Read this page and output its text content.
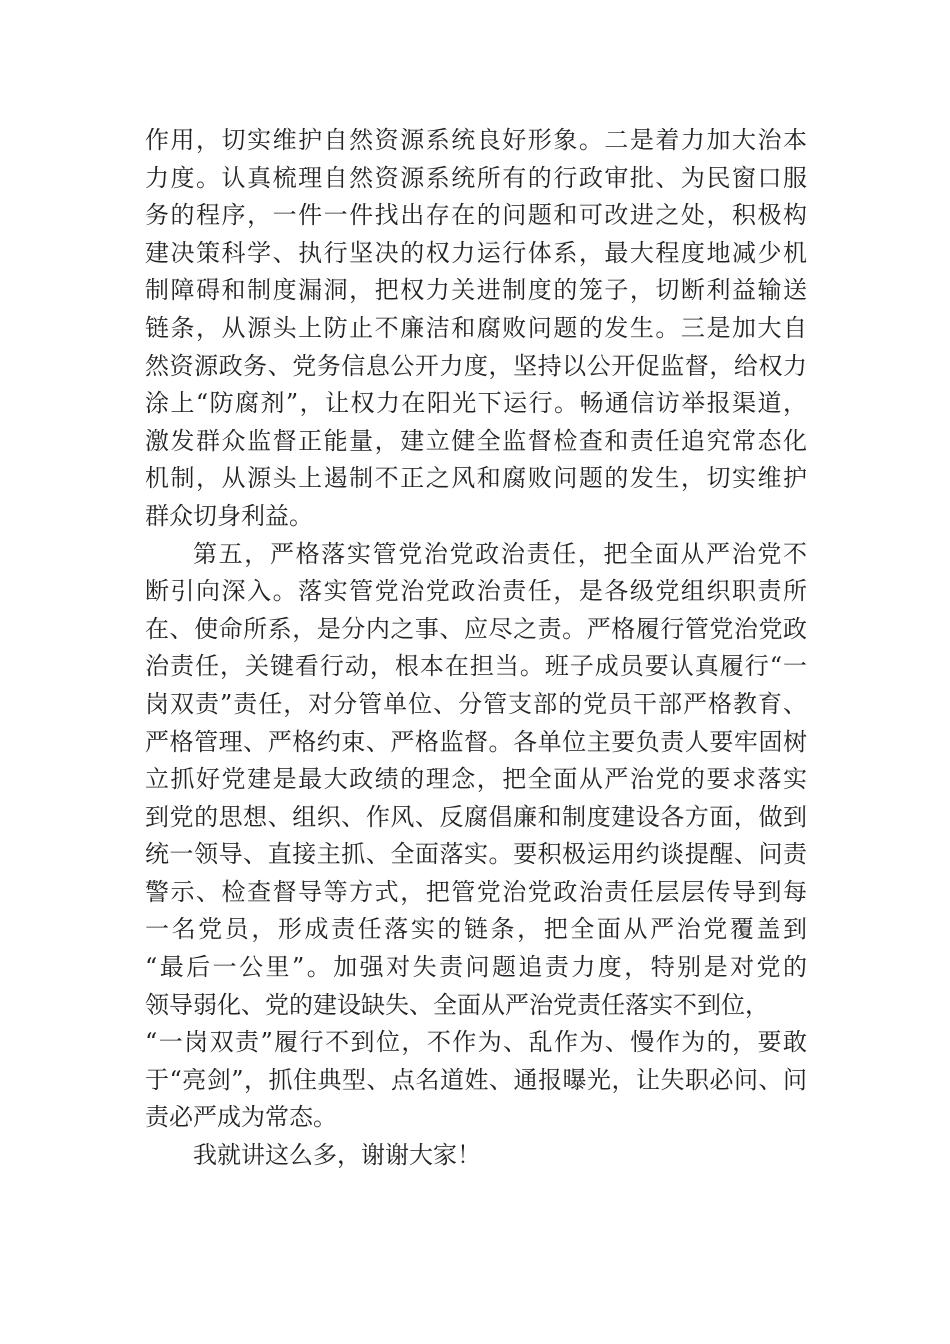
作用，切实维护自然资源系统良好形象。二是着力加大治本
力度。认真梳理自然资源系统所有的行政审批、为民窗口服
务的程序，一件一件找出存在的问题和可改进之处，积极构
建决策科学、执行坚决的权力运行体系，最大程度地减少机
制障碍和制度漏洞，把权力关进制度的笼子，切断利益输送
链条，从源头上防止不廉洁和腐败问题的发生。三是加大自
然资源政务、党务信息公开力度，坚持以公开促监督，给权力
涂上“防腐剂”，让权力在阳光下运行。畅通信访举报渠道，
激发群众监督正能量，建立健全监督检查和责任追究常态化
机制，从源头上遏制不正之风和腐败问题的发生，切实维护
群众切身利益。
第五，严格落实管党治党政治责任，把全面从严治党不
断引向深入。落实管党治党政治责任，是各级党组织职责所
在、使命所系，是分内之事、应尽之责。严格履行管党治党政
治责任，关键看行动，根本在担当。班子成员要认真履行“一
岗双责”责任，对分管单位、分管支部的党员干部严格教育、
严格管理、严格约束、严格监督。各单位主要负责人要牢固树
立抓好党建是最大政绩的理念，把全面从严治党的要求落实
到党的思想、组织、作风、反腐倡廉和制度建设各方面，做到
统一领导、直接主抓、全面落实。要积极运用约谈提醒、问责
警示、检查督导等方式，把管党治党政治责任层层传导到每
一名党员，形成责任落实的链条，把全面从严治党覆盖到
“最后一公里”。加强对失责问题追责力度，特别是对党的
领导弱化、党的建设缺失、全面从严治党责任落实不到位，
“一岗双责”履行不到位，不作为、乱作为、慢作为的，要敢
于“亮剑”，抓住典型、点名道姓、通报曝光，让失职必问、问
责必严成为常态。
我就讲这么多，谢谢大家！
